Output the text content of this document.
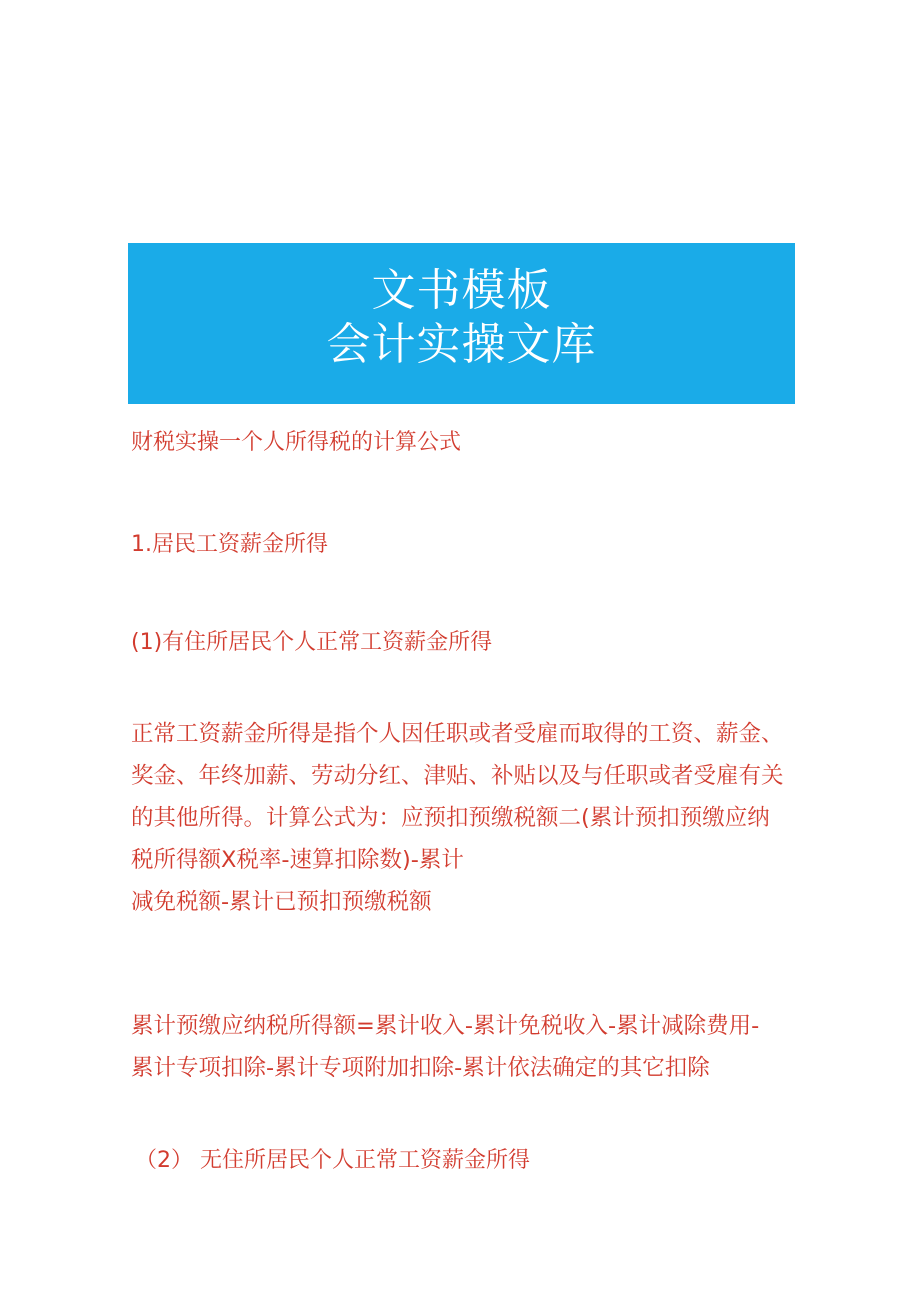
文书模板
会计实操文库
财税实操一个人所得税的计算公式
1.居民工资薪金所得
(1)有住所居民个人正常工资薪金所得
正常工资薪金所得是指个人因任职或者受雇而取得的工资、薪金、
奖金、年终加薪、劳动分红、津贴、补贴以及与任职或者受雇有关
的其他所得。计算公式为：应预扣预缴税额二(累计预扣预缴应纳
税所得额X税率-速算扣除数)-累计
减免税额-累计已预扣预缴税额
累计预缴应纳税所得额=累计收入-累计免税收入-累计减除费用-
累计专项扣除-累计专项附加扣除-累计依法确定的其它扣除
（2） 无住所居民个人正常工资薪金所得
